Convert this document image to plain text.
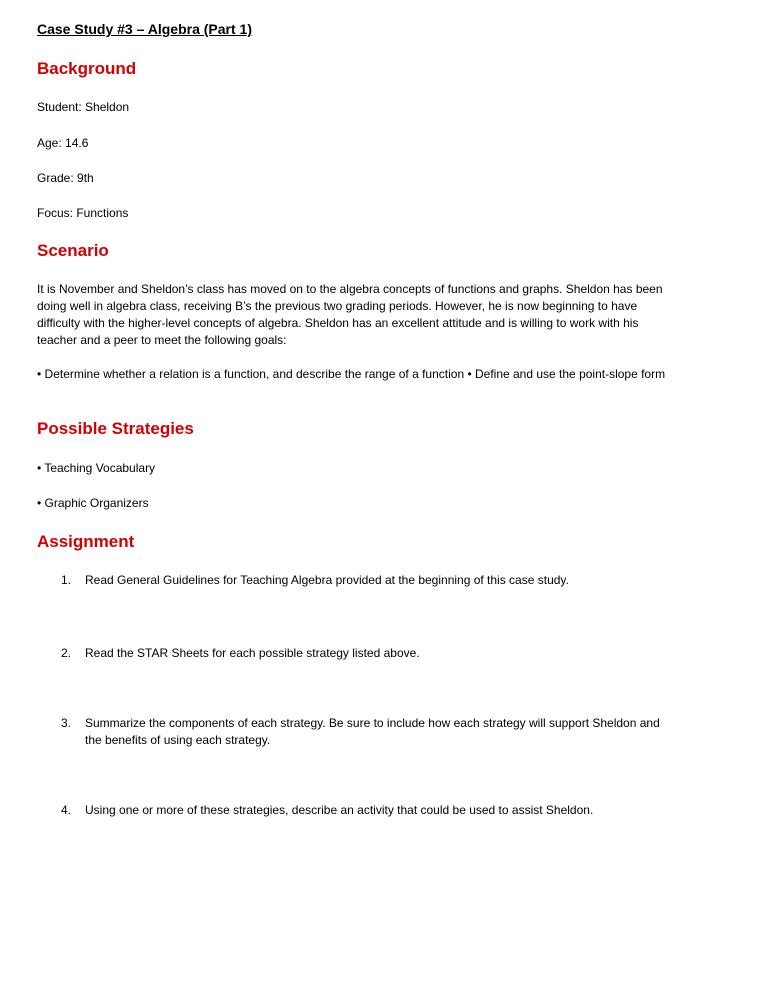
Case Study #3 – Algebra (Part 1)
Background
Student: Sheldon
Age: 14.6
Grade: 9th
Focus: Functions
Scenario
It is November and Sheldon’s class has moved on to the algebra concepts of functions and graphs. Sheldon has been doing well in algebra class, receiving B’s the previous two grading periods. However, he is now beginning to have difficulty with the higher-level concepts of algebra. Sheldon has an excellent attitude and is willing to work with his teacher and a peer to meet the following goals:
• Determine whether a relation is a function, and describe the range of a function • Define and use the point-slope form
Possible Strategies
• Teaching Vocabulary
• Graphic Organizers
Assignment
1. Read General Guidelines for Teaching Algebra provided at the beginning of this case study.
2. Read the STAR Sheets for each possible strategy listed above.
3. Summarize the components of each strategy. Be sure to include how each strategy will support Sheldon and the benefits of using each strategy.
4. Using one or more of these strategies, describe an activity that could be used to assist Sheldon.
